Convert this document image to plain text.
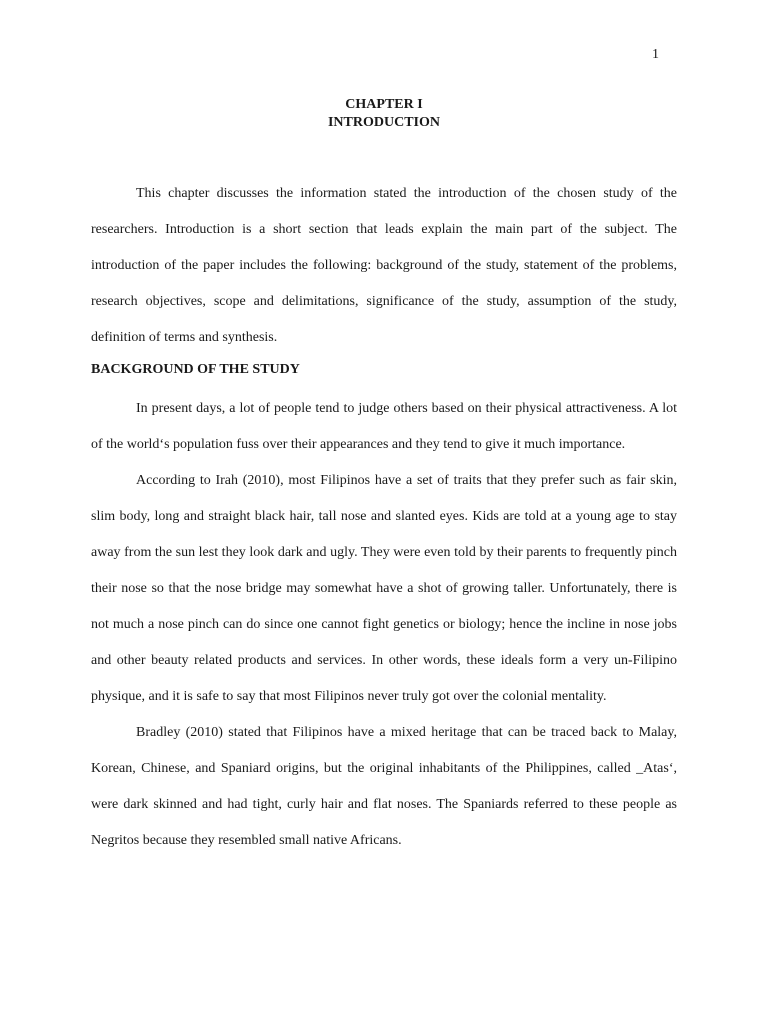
1
CHAPTER I
INTRODUCTION

This chapter discusses the information stated the introduction of the chosen study of the researchers. Introduction is a short section that leads explain the main part of the subject. The introduction of the paper includes the following: background of the study, statement of the problems, research objectives, scope and delimitations, significance of the study, assumption of the study, definition of terms and synthesis.

BACKGROUND OF THE STUDY

In present days, a lot of people tend to judge others based on their physical attractiveness. A lot of the world‘s population fuss over their appearances and they tend to give it much importance.

According to Irah (2010), most Filipinos have a set of traits that they prefer such as fair skin, slim body, long and straight black hair, tall nose and slanted eyes. Kids are told at a young age to stay away from the sun lest they look dark and ugly. They were even told by their parents to frequently pinch their nose so that the nose bridge may somewhat have a shot of growing taller. Unfortunately, there is not much a nose pinch can do since one cannot fight genetics or biology; hence the incline in nose jobs and other beauty related products and services. In other words, these ideals form a very un-Filipino physique, and it is safe to say that most Filipinos never truly got over the colonial mentality.

Bradley (2010) stated that Filipinos have a mixed heritage that can be traced back to Malay, Korean, Chinese, and Spaniard origins, but the original inhabitants of the Philippines, called _Atas‘, were dark skinned and had tight, curly hair and flat noses. The Spaniards referred to these people as Negritos because they resembled small native Africans.
